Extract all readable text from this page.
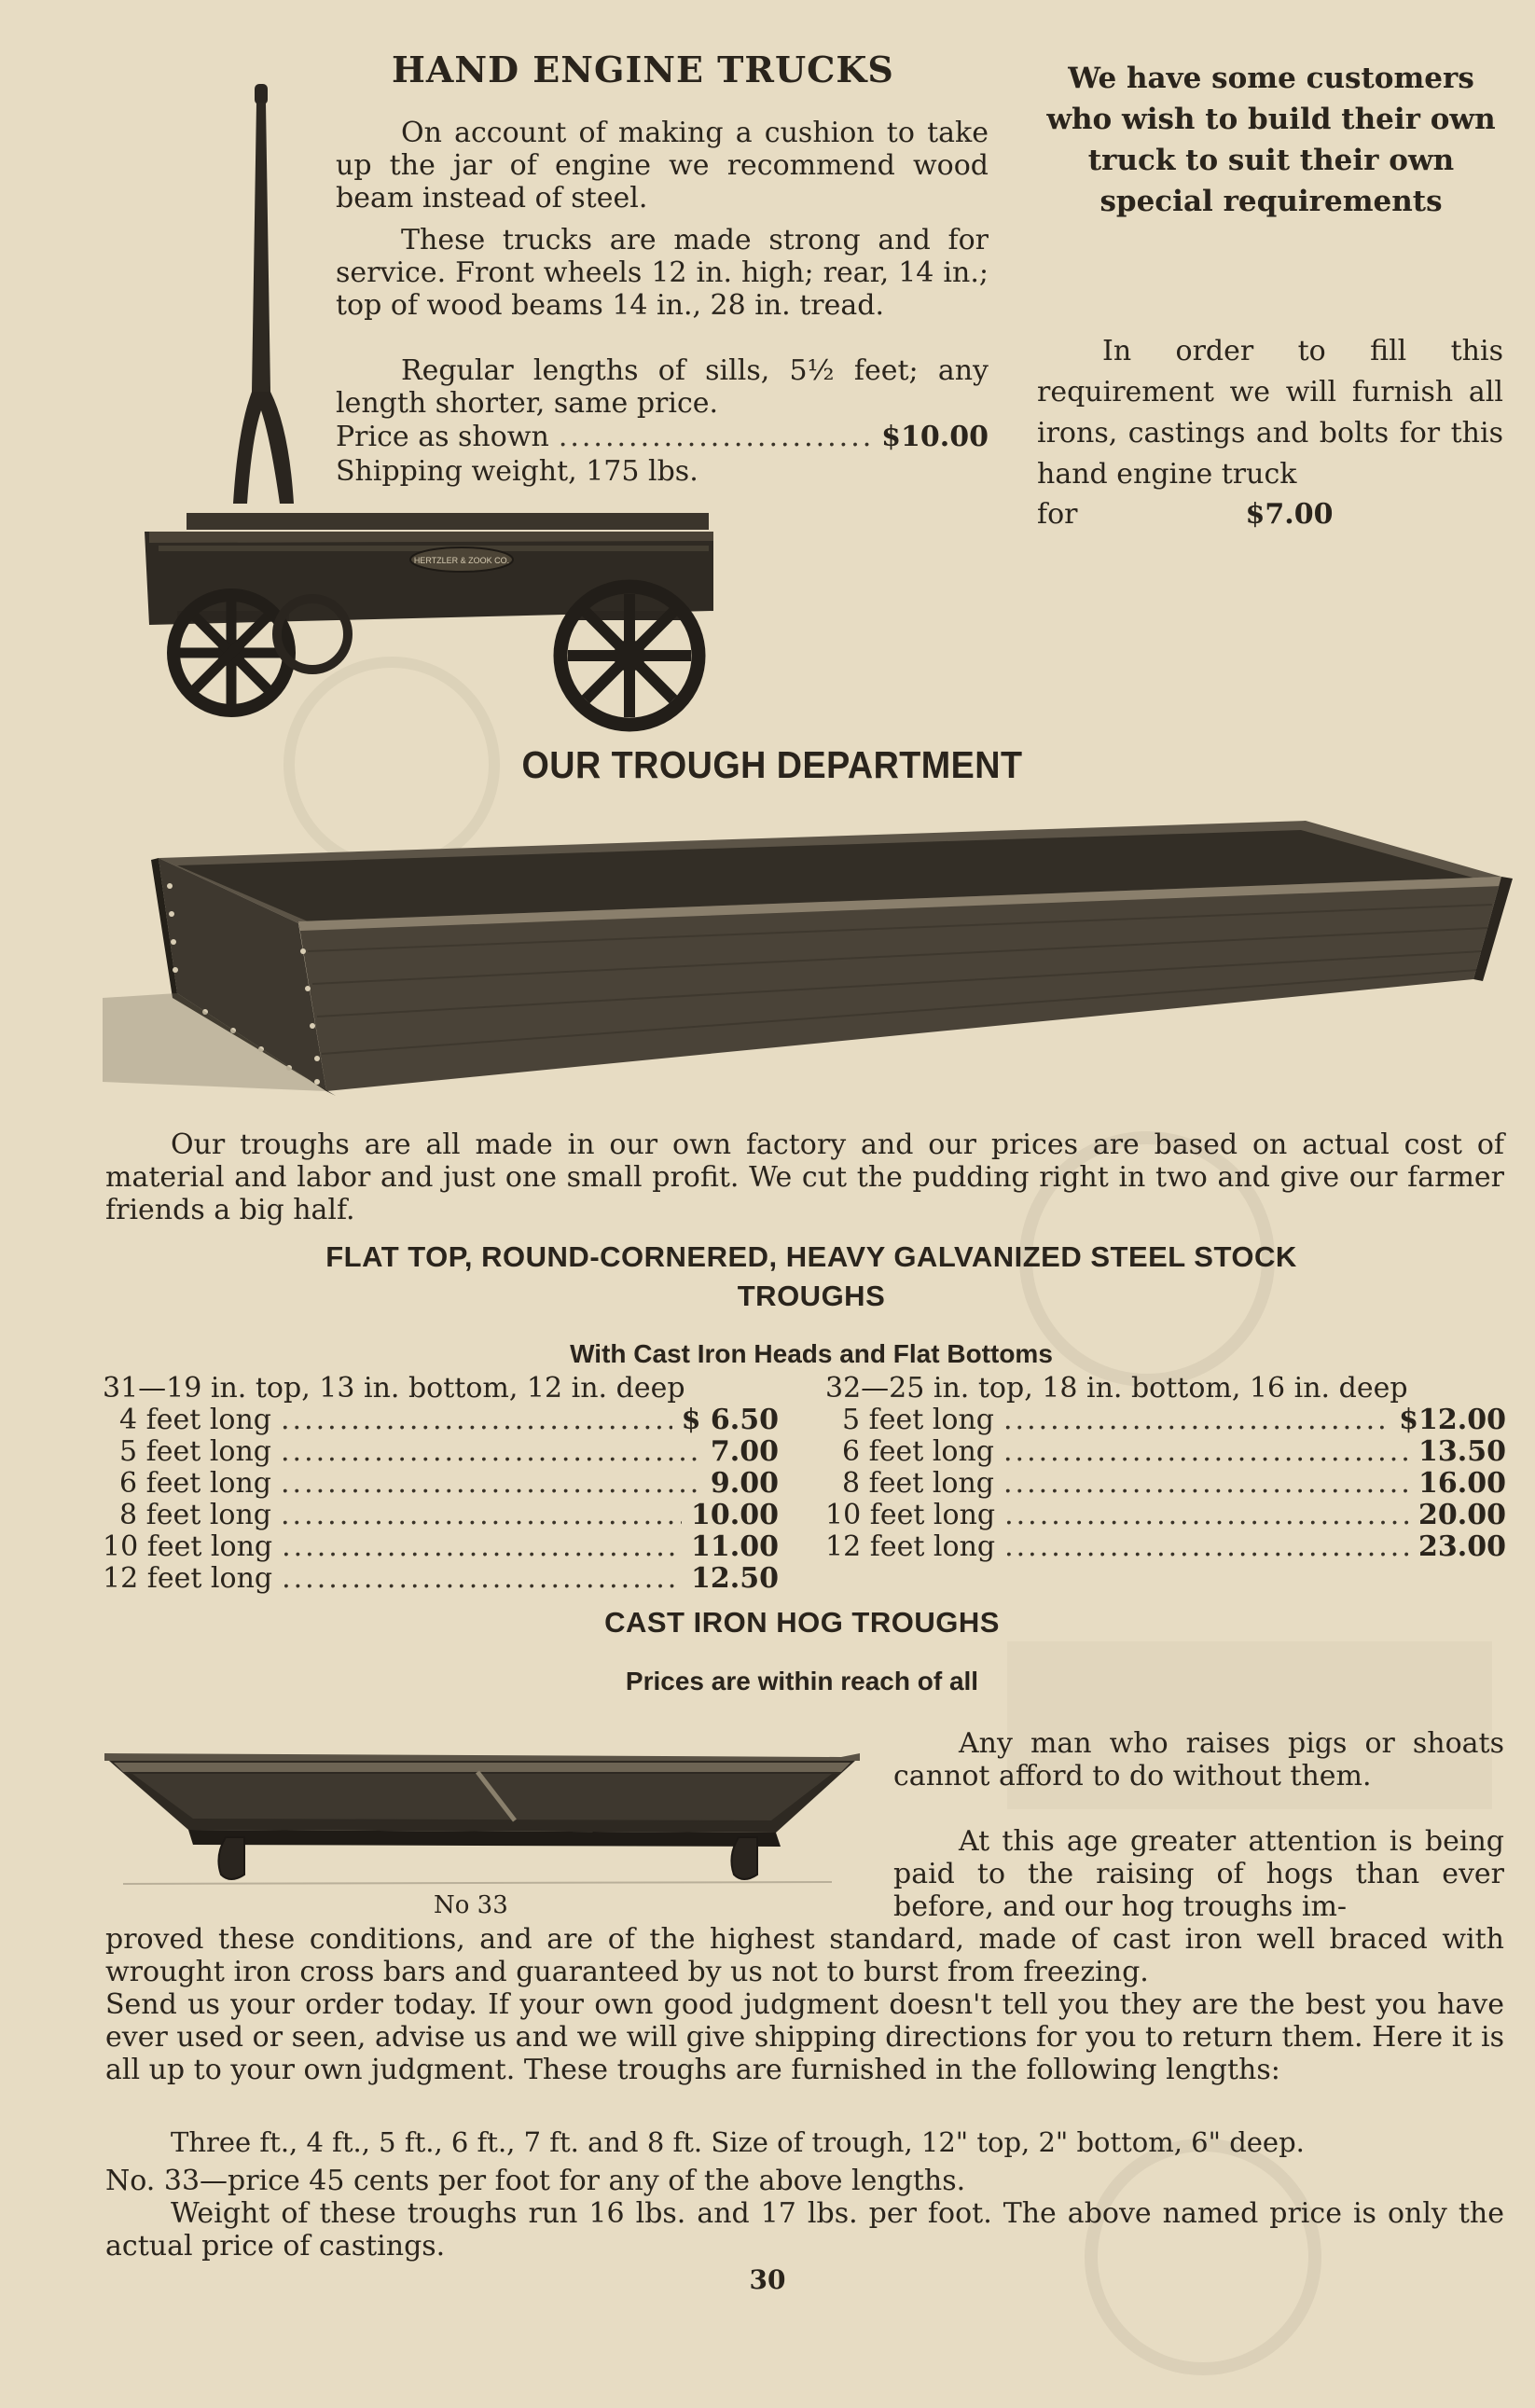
HERTZLER & ZOOK CO.
HAND ENGINE TRUCKS
On account of making a cushion to take up the jar of engine we recommend wood beam instead of steel.
These trucks are made strong and for service. Front wheels 12 in. high; rear, 14 in.; top of wood beams 14 in., 28 in. tread.
Regular lengths of sills, 5½ feet; any length shorter, same price.
Price as shown .....	$10.00
Shipping weight, 175 lbs.
We have some customers who wish to build their own truck to suit their own special requirements
In order to fill this requirement we will furnish all irons, castings and bolts for this hand engine truck
for	$7.00
OUR TROUGH DEPARTMENT
Our troughs are all made in our own factory and our prices are based on actual cost of material and labor and just one small profit. We cut the pudding right in two and give our farmer friends a big half.
FLAT TOP, ROUND-CORNERED, HEAVY GALVANIZED STEEL STOCK
TROUGHS
With Cast Iron Heads and Flat Bottoms
31—19 in. top, 13 in. bottom, 12 in. deep
4 feet long .....	$ 6.50
5 feet long .....	7.00
6 feet long .....	9.00
8 feet long .....	10.00
10 feet long .....	11.00
12 feet long .....	12.50
32—25 in. top, 18 in. bottom, 16 in. deep
5 feet long .....	$12.00
6 feet long .....	13.50
8 feet long .....	16.00
10 feet long .....	20.00
12 feet long .....	23.00
CAST IRON HOG TROUGHS
Prices are within reach of all
No 33
Any man who raises pigs or shoats cannot afford to do without them.
At this age greater attention is being paid to the raising of hogs than ever before, and our hog troughs im-
proved these conditions, and are of the highest standard, made of cast iron well braced with wrought iron cross bars and guaranteed by us not to burst from freezing.
Send us your order today. If your own good judgment doesn't tell you they are the best you have ever used or seen, advise us and we will give shipping directions for you to return them. Here it is all up to your own judgment. These troughs are furnished in the following lengths:
Three ft., 4 ft., 5 ft., 6 ft., 7 ft. and 8 ft. Size of trough, 12" top, 2" bottom, 6" deep.
No. 33—price 45 cents per foot for any of the above lengths.
Weight of these troughs run 16 lbs. and 17 lbs. per foot. The above named price is only the actual price of castings.
30
